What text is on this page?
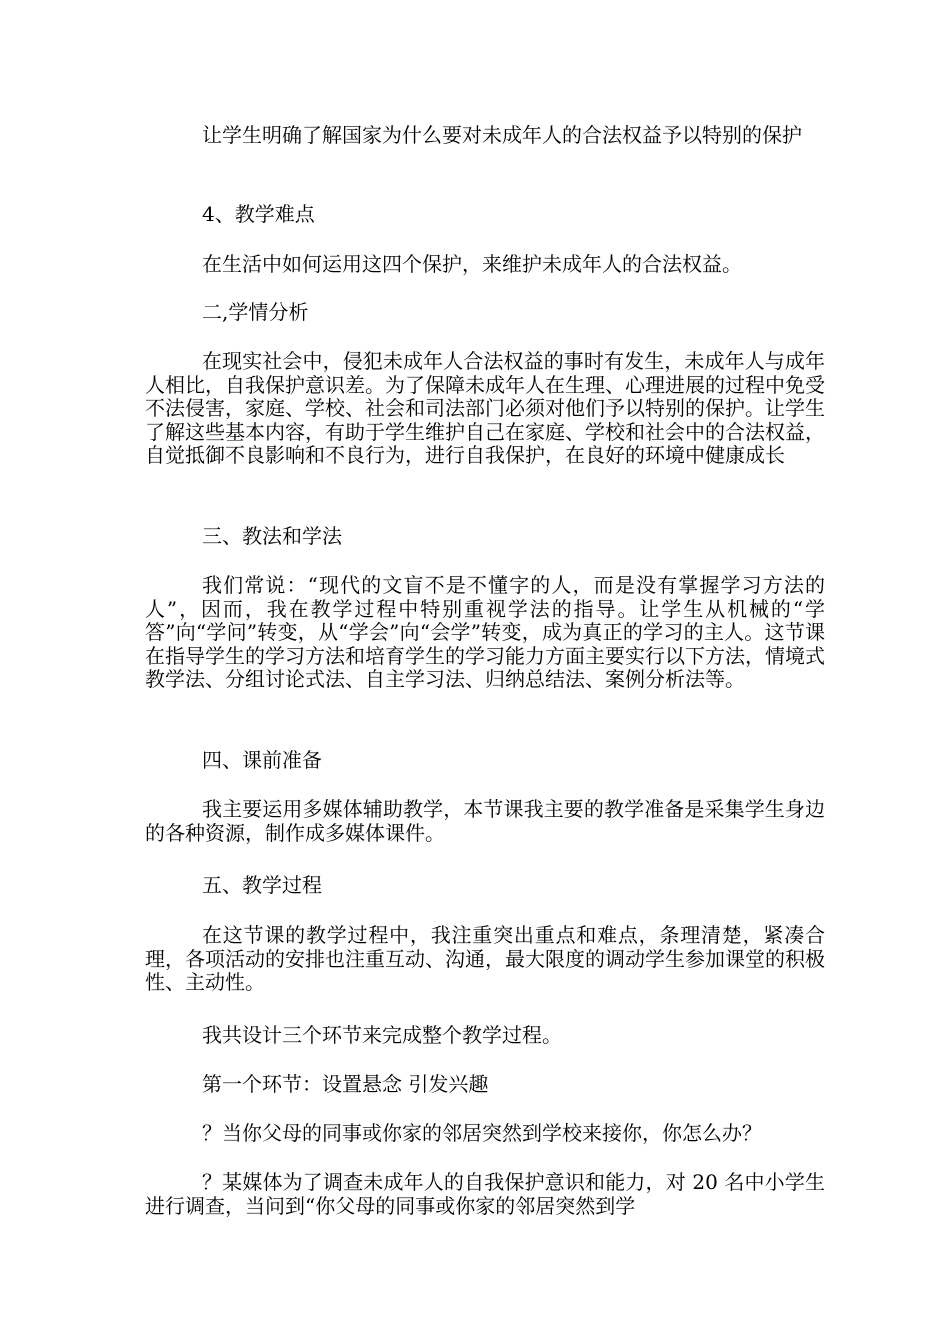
让学生明确了解国家为什么要对未成年人的合法权益予以特别的保护

4、教学难点

在生活中如何运用这四个保护，来维护未成年人的合法权益。

二,学情分析

在现实社会中，侵犯未成年人合法权益的事时有发生，未成年人与成年人相比，自我保护意识差。为了保障未成年人在生理、心理进展的过程中免受不法侵害，家庭、学校、社会和司法部门必须对他们予以特别的保护。让学生了解这些基本内容，有助于学生维护自己在家庭、学校和社会中的合法权益，自觉抵御不良影响和不良行为，进行自我保护，在良好的环境中健康成长

三、教法和学法

我们常说：“现代的文盲不是不懂字的人，而是没有掌握学习方法的人”，因而，我在教学过程中特别重视学法的指导。让学生从机械的“学答”向“学问”转变，从“学会”向“会学”转变，成为真正的学习的主人。这节课在指导学生的学习方法和培育学生的学习能力方面主要实行以下方法，情境式教学法、分组讨论式法、自主学习法、归纳总结法、案例分析法等。

四、课前准备

我主要运用多媒体辅助教学，本节课我主要的教学准备是采集学生身边的各种资源，制作成多媒体课件。

五、教学过程

在这节课的教学过程中，我注重突出重点和难点，条理清楚，紧凑合理，各项活动的安排也注重互动、沟通，最大限度的调动学生参加课堂的积极性、主动性。

我共设计三个环节来完成整个教学过程。

第一个环节：设置悬念 引发兴趣

？当你父母的同事或你家的邻居突然到学校来接你，你怎么办？

？某媒体为了调查未成年人的自我保护意识和能力，对 20 名中小学生进行调查，当问到“你父母的同事或你家的邻居突然到学
